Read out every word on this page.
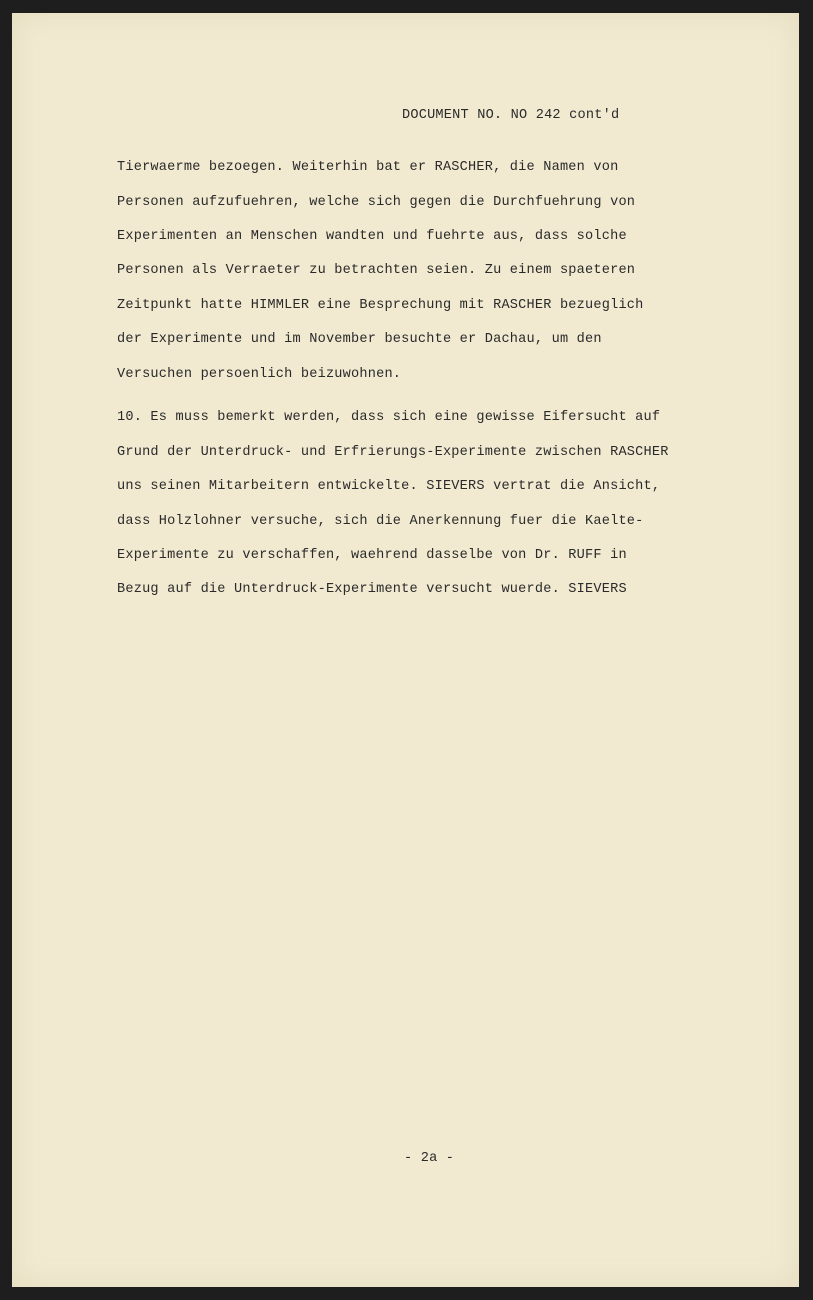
DOCUMENT NO. NO 242 cont'd
Tierwaerme bezoegen. Weiterhin bat er RASCHER, die Namen von
Personen aufzufuehren, welche sich gegen die Durchfuehrung von
Experimenten an Menschen wandten und fuehrte aus, dass solche
Personen als Verraeter zu betrachten seien. Zu einem spaeteren
Zeitpunkt hatte HIMMLER eine Besprechung mit RASCHER bezueglich
der Experimente und im November besuchte er Dachau, um den
Versuchen persoenlich beizuwohnen.
10. Es muss bemerkt werden, dass sich eine gewisse Eifersucht auf
Grund der Unterdruck- und Erfrierungs-Experimente zwischen RASCHER
uns seinen Mitarbeitern entwickelte. SIEVERS vertrat die Ansicht,
dass Holzlohner versuche, sich die Anerkennung fuer die Kaelte-
Experimente zu verschaffen, waehrend dasselbe von Dr. RUFF in
Bezug auf die Unterdruck-Experimente versucht wuerde. SIEVERS
- 2a -
